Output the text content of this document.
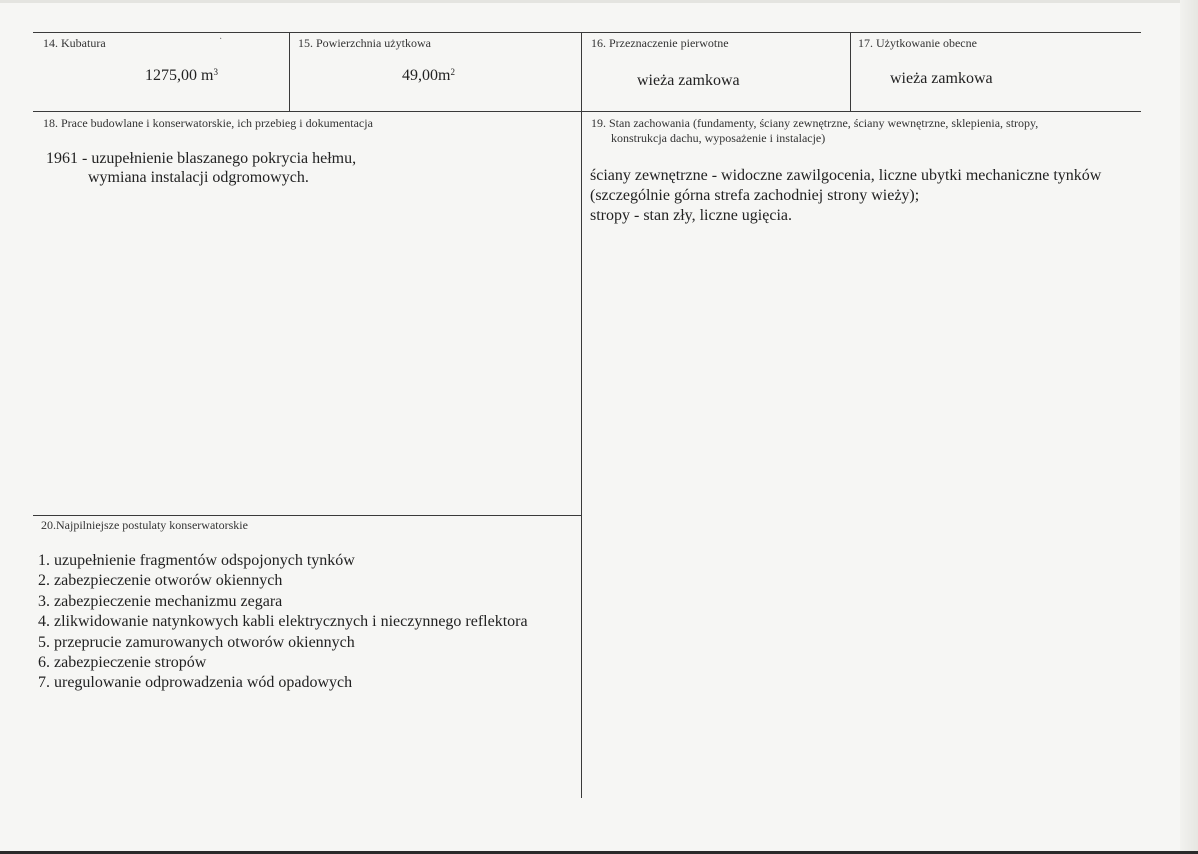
14. Kubatura	·
1275,00 $m^3$
15. Powierzchnia użytkowa
$49,00m^2$
16. Przeznaczenie pierwotne
wieża zamkowa
17. Użytkowanie obecne
wieża zamkowa
18. Prace budowlane i konserwatorskie, ich przebieg i dokumentacja
1961 - uzupełnienie blaszanego pokrycia hełmu,
wymiana instalacji odgromowych.
19. Stan zachowania (fundamenty, ściany zewnętrzne, ściany wewnętrzne, sklepienia, stropy,
konstrukcja dachu, wyposażenie i instalacje)
ściany zewnętrzne - widoczne zawilgocenia, liczne ubytki mechaniczne tynków
(szczególnie górna strefa zachodniej strony wieży);
stropy - stan zły, liczne ugięcia.
20.Najpilniejsze postulaty konserwatorskie
1. uzupełnienie fragmentów odspojonych tynków
2. zabezpieczenie otworów okiennych
3. zabezpieczenie mechanizmu zegara
4. zlikwidowanie natynkowych kabli elektrycznych i nieczynnego reflektora
5. przeprucie zamurowanych otworów okiennych
6. zabezpieczenie stropów
7. uregulowanie odprowadzenia wód opadowych
